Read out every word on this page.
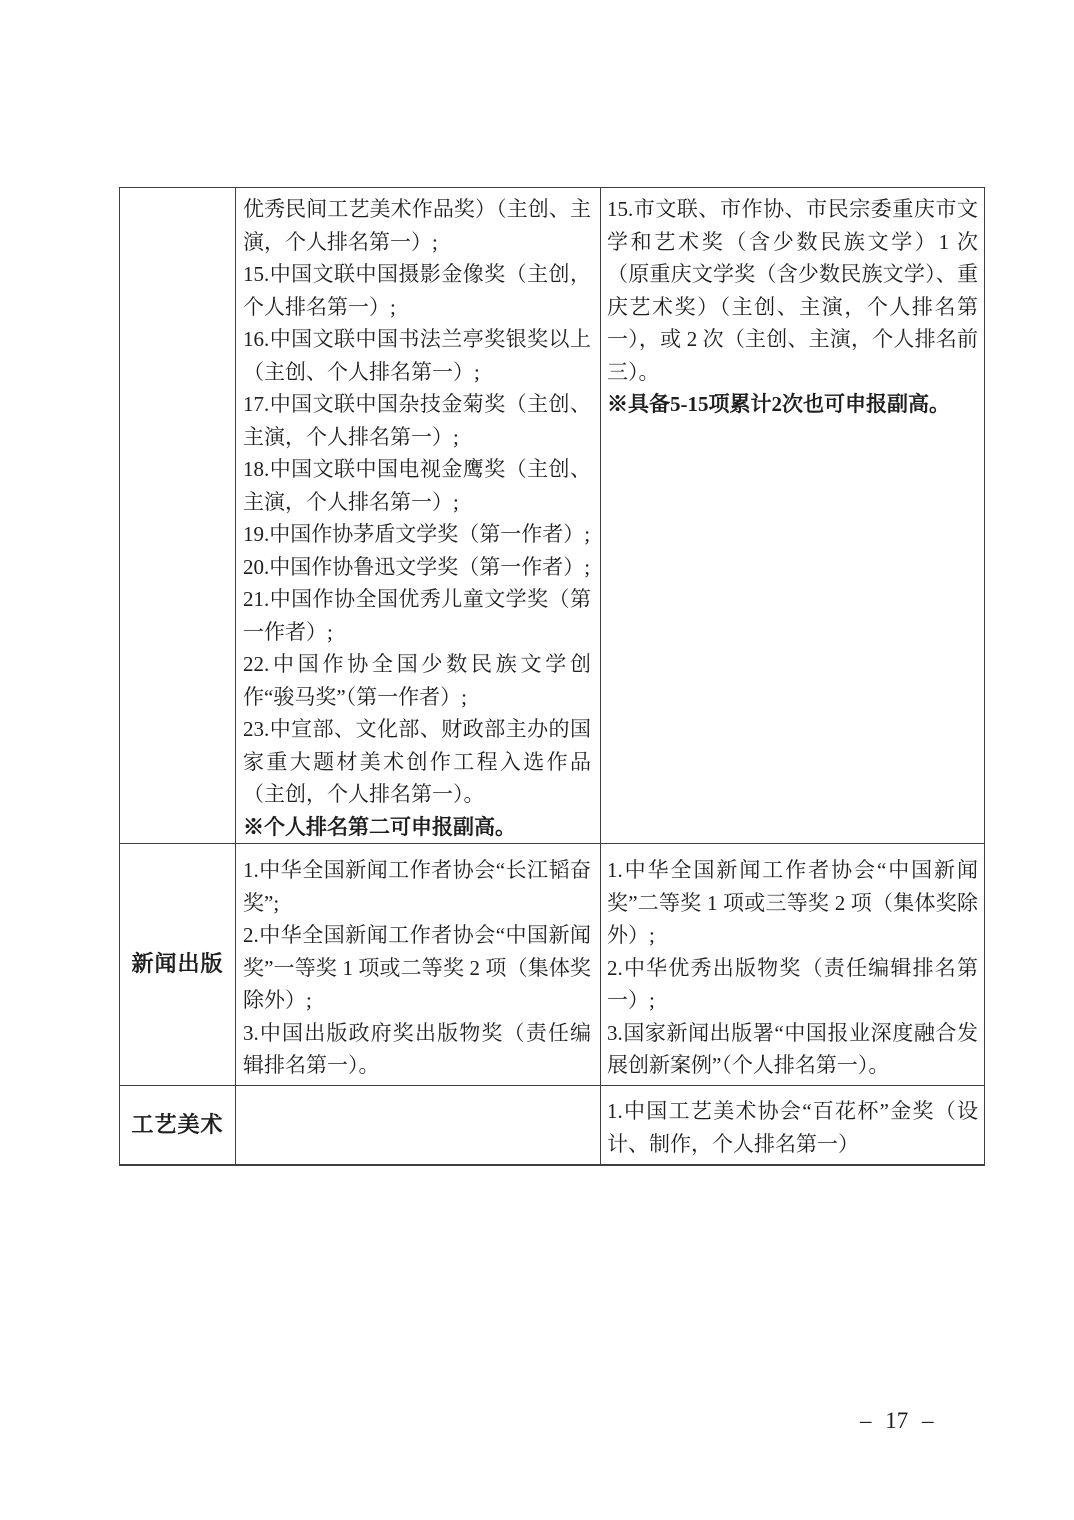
优秀民间工艺美术作品奖）（主创、主演，个人排名第一）;

15.中国文联中国摄影金像奖（主创，个人排名第一）;

16.中国文联中国书法兰亭奖银奖以上（主创、个人排名第一）;

17.中国文联中国杂技金菊奖（主创、主演，个人排名第一）;

18.中国文联中国电视金鹰奖（主创、主演，个人排名第一）;

19.中国作协茅盾文学奖（第一作者）;

20.中国作协鲁迅文学奖（第一作者）;

21.中国作协全国优秀儿童文学奖（第一作者）;

22.中国作协全国少数民族文学创作“骏马奖”（第一作者）;

23.中宣部、文化部、财政部主办的国家重大题材美术创作工程入选作品（主创，个人排名第一）。

※个人排名第二可申报副高。

15.市文联、市作协、市民宗委重庆市文学和艺术奖（含少数民族文学）1 次（原重庆文学奖（含少数民族文学）、重庆艺术奖）（主创、主演，个人排名第一），或 2 次（主创、主演，个人排名前三）。

※具备5-15项累计2次也可申报副高。

新闻出版

1.中华全国新闻工作者协会“长江韬奋奖”;

2.中华全国新闻工作者协会“中国新闻奖”一等奖 1 项或二等奖 2 项（集体奖除外）;

3.中国出版政府奖出版物奖（责任编辑排名第一）。

1.中华全国新闻工作者协会“中国新闻奖”二等奖 1 项或三等奖 2 项（集体奖除外）;

2.中华优秀出版物奖（责任编辑排名第一）;

3.国家新闻出版署“中国报业深度融合发展创新案例”（个人排名第一）。

工艺美术

1.中国工艺美术协会“百花杯”金奖（设计、制作，个人排名第一）

– 17 –
